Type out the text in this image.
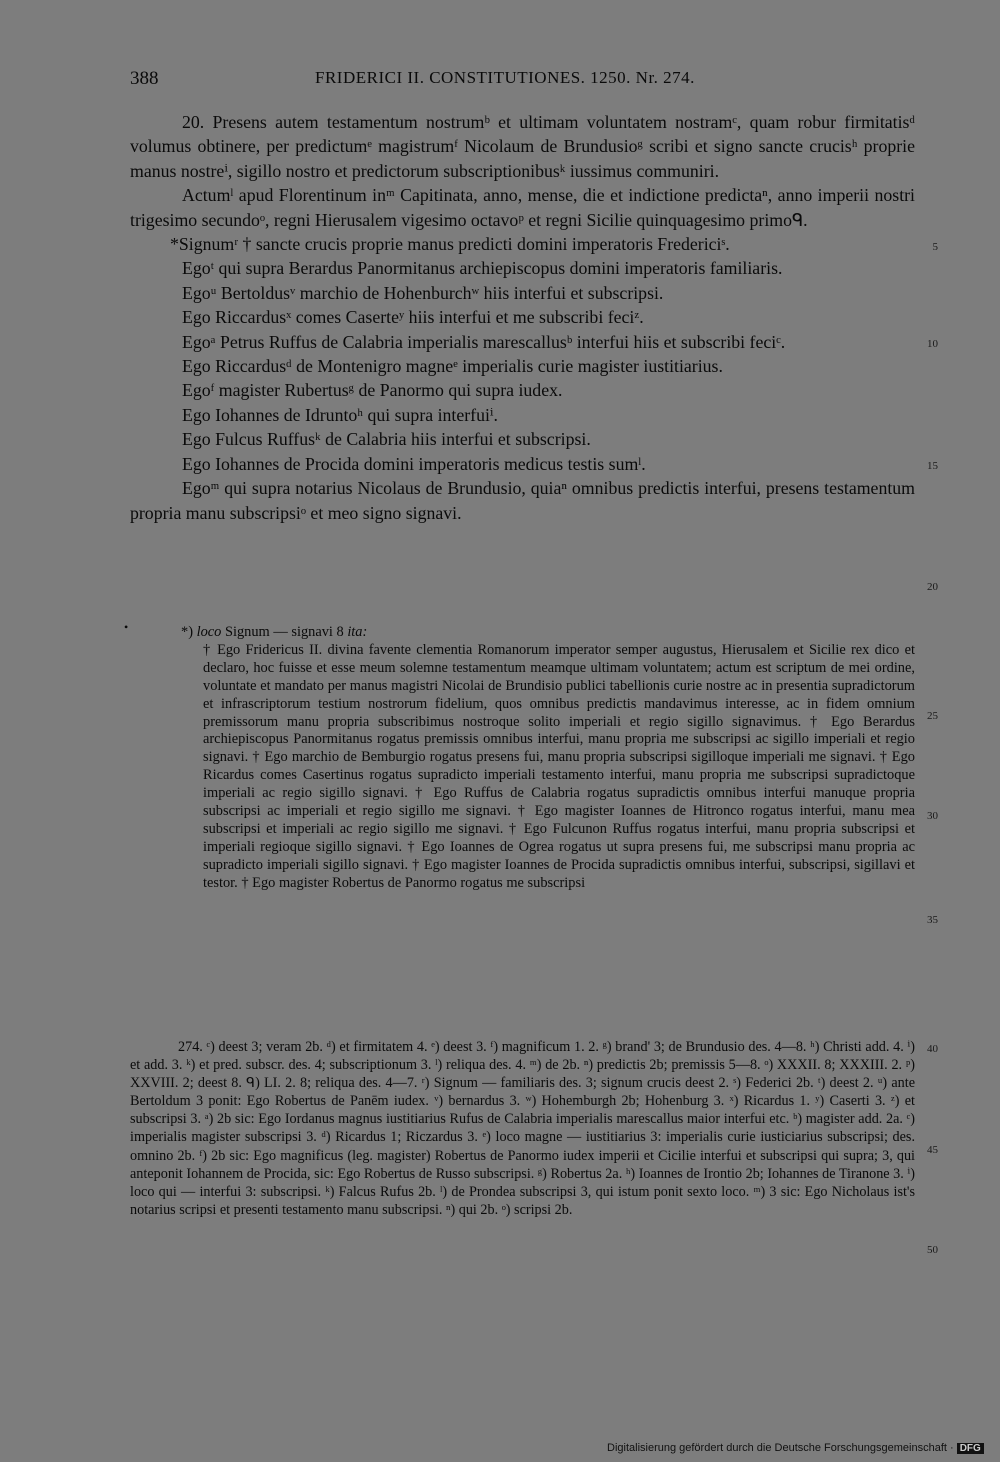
388	FRIDERICI II. CONSTITUTIONES. 1250. Nr. 274.

20. Presens autem testamentum nostrumᵇ et ultimam voluntatem nostramᶜ, quam robur firmitatisᵈ volumus obtinere, per predictumᵉ magistrumᶠ Nicolaum de Brundusioᵍ scribi et signo sancte crucisʰ proprie manus nostreⁱ, sigillo nostro et predictorum subscriptionibusᵏ iussimus communiri.

Actumˡ apud Florentinum inᵐ Capitinata, anno, mense, die et indictione predictaⁿ, anno imperii nostri trigesimo secundoᵒ, regni Hierusalem vigesimo octavoᵖ et regni Sicilie quinquagesimo primoᑫ.

*Signumʳ † sancte crucis proprie manus predicti domini imperatoris Fredericiˢ.

Egoᵗ qui supra Berardus Panormitanus archiepiscopus domini imperatoris familiaris.

Egoᵘ Bertoldusᵛ marchio de Hohenburchʷ hiis interfui et subscripsi.

Ego Riccardusˣ comes Caserteʸ hiis interfui et me subscribi feciᶻ.

Egoᵃ Petrus Ruffus de Calabria imperialis marescallusᵇ interfui hiis et subscribi feciᶜ.

Ego Riccardusᵈ de Montenigro magneᵉ imperialis curie magister iustitiarius.

Egoᶠ magister Rubertusᵍ de Panormo qui supra iudex.

Ego Iohannes de Idruntoʰ qui supra interfuiⁱ.

Ego Fulcus Ruffusᵏ de Calabria hiis interfui et subscripsi.

Ego Iohannes de Procida domini imperatoris medicus testis sumˡ.

Egoᵐ qui supra notarius Nicolaus de Brundusio, quiaⁿ omnibus predictis interfui, presens testamentum propria manu subscripsiᵒ et meo signo signavi.

5
10
15
20
25
30
35
40
45
50
•	*) loco Signum — signavi 8 ita:

† Ego Fridericus II. divina favente clementia Romanorum imperator semper augustus, Hierusalem et Sicilie rex dico et declaro, hoc fuisse et esse meum solemne testamentum meamque ultimam voluntatem; actum est scriptum de mei ordine, voluntate et mandato per manus magistri Nicolai de Brundisio publici tabellionis curie nostre ac in presentia supradictorum et infrascriptorum testium nostrorum fidelium, quos omnibus predictis mandavimus interesse, ac in fidem omnium premissorum manu propria subscribimus nostroque solito imperiali et regio sigillo signavimus. † Ego Berardus archiepiscopus Panormitanus rogatus premissis omnibus interfui, manu propria me subscripsi ac sigillo imperiali et regio signavi. † Ego marchio de Bemburgio rogatus presens fui, manu propria subscripsi sigilloque imperiali me signavi. † Ego Ricardus comes Casertinus rogatus supradicto imperiali testamento interfui, manu propria me subscripsi supradictoque imperiali ac regio sigillo signavi. † Ego Ruffus de Calabria rogatus supradictis omnibus interfui manuque propria subscripsi ac imperiali et regio sigillo me signavi. † Ego magister Ioannes de Hitronco rogatus interfui, manu mea subscripsi et imperiali ac regio sigillo me signavi. † Ego Fulcunon Ruffus rogatus interfui, manu propria subscripsi et imperiali regioque sigillo signavi. † Ego Ioannes de Ogrea rogatus ut supra presens fui, me subscripsi manu propria ac supradicto imperiali sigillo signavi. † Ego magister Ioannes de Procida supradictis omnibus interfui, subscripsi, sigillavi et testor. † Ego magister Robertus de Panormo rogatus me subscripsi

274. ᶜ) deest 3; veram 2b. ᵈ) et firmitatem 4. ᵉ) deest 3. ᶠ) magnificum 1. 2. ᵍ) brand' 3; de Brundusio des. 4—8. ʰ) Christi add. 4. ⁱ) et add. 3. ᵏ) et pred. subscr. des. 4; subscriptionum 3. ˡ) reliqua des. 4. ᵐ) de 2b. ⁿ) predictis 2b; premissis 5—8. ᵒ) XXXII. 8; XXXIII. 2. ᵖ) XXVIII. 2; deest 8. ᑫ) LI. 2. 8; reliqua des. 4—7. ʳ) Signum — familiaris des. 3; signum crucis deest 2. ˢ) Federici 2b. ᵗ) deest 2. ᵘ) ante Bertoldum 3 ponit: Ego Robertus de Panēm iudex. ᵛ) bernardus 3. ʷ) Hohemburgh 2b; Hohenburg 3. ˣ) Ricardus 1. ʸ) Caserti 3. ᶻ) et subscripsi 3. ᵃ) 2b sic: Ego Iordanus magnus iustitiarius Rufus de Calabria imperialis marescallus maior interfui etc. ᵇ) magister add. 2a. ᶜ) imperialis magister subscripsi 3. ᵈ) Ricardus 1; Riczardus 3. ᵉ) loco magne — iustitiarius 3: imperialis curie iusticiarius subscripsi; des. omnino 2b. ᶠ) 2b sic: Ego magnificus (leg. magister) Robertus de Panormo iudex imperii et Cicilie interfui et subscripsi qui supra; 3, qui anteponit Iohannem de Procida, sic: Ego Robertus de Russo subscripsi. ᵍ) Robertus 2a. ʰ) Ioannes de Irontio 2b; Iohannes de Tiranone 3. ⁱ) loco qui — interfui 3: subscripsi. ᵏ) Falcus Rufus 2b. ˡ) de Prondea subscripsi 3, qui istum ponit sexto loco. ᵐ) 3 sic: Ego Nicholaus ist's notarius scripsi et presenti testamento manu subscripsi. ⁿ) qui 2b. ᵒ) scripsi 2b.

Digitalisierung gefördert durch die Deutsche Forschungsgemeinschaft · DFG
